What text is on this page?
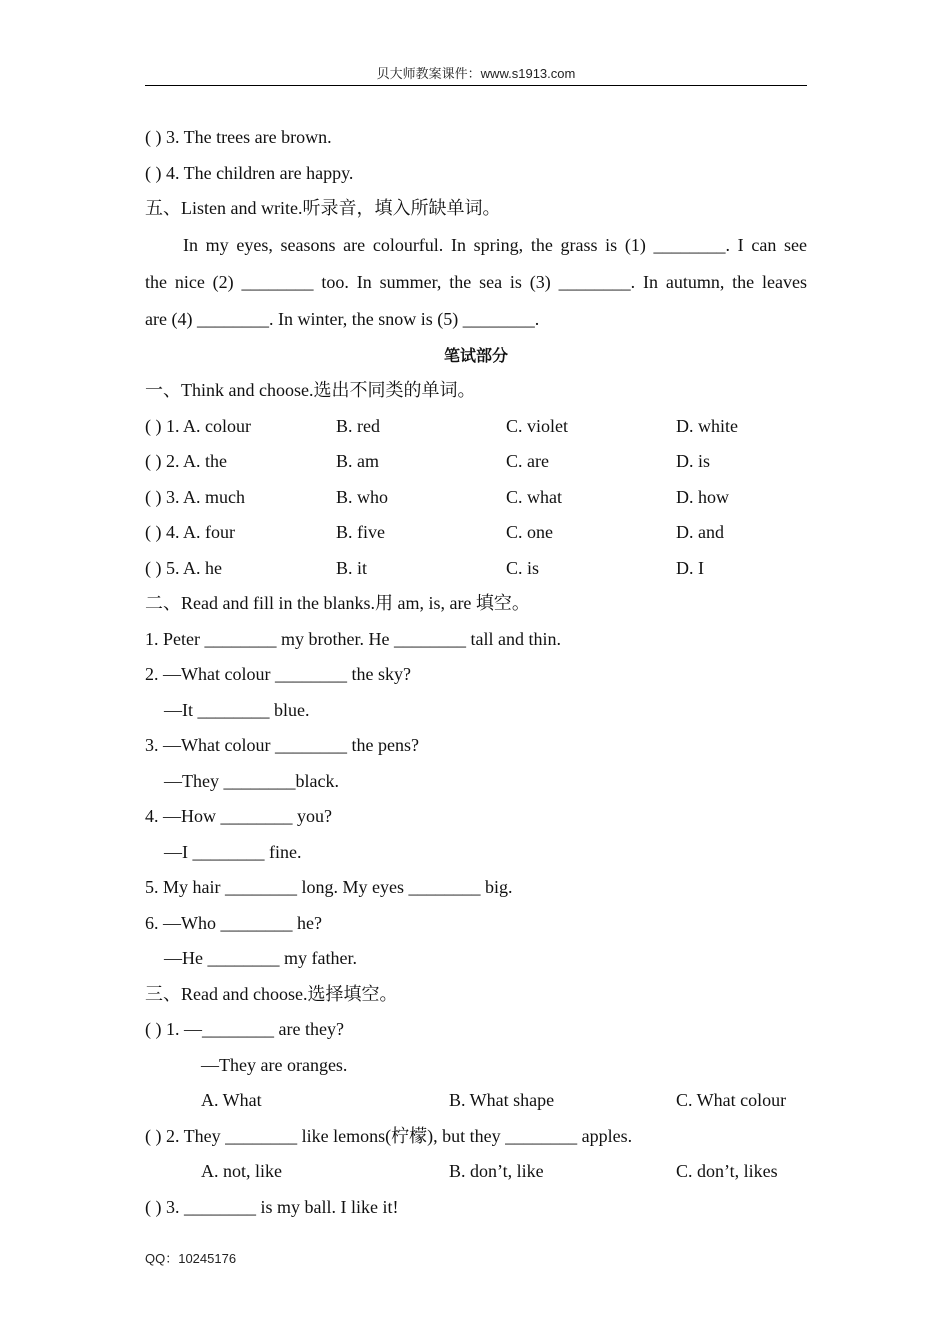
贝大师教案课件：www.s1913.com
( ) 3. The trees are brown.
( ) 4. The children are happy.
五、Listen and write.听录音，填入所缺单词。
In my eyes, seasons are colourful. In spring, the grass is (1) ________. I can see
the nice (2) ________ too. In summer, the sea is (3) ________. In autumn, the leaves
are (4) ________. In winter, the snow is (5) ________.
笔试部分
一、Think and choose.选出不同类的单词。
( ) 1. A. colour	B. red	C. violet	D. white
( ) 2. A. the	B. am	C. are	D. is
( ) 3. A. much	B. who	C. what	D. how
( ) 4. A. four	B. five	C. one	D. and
( ) 5. A. he	B. it	C. is	D. I
二、Read and fill in the blanks.用 am, is, are 填空。
1. Peter ________ my brother. He ________ tall and thin.
2. —What colour ________ the sky?
—It ________ blue.
3. —What colour ________ the pens?
—They ________black.
4. —How ________ you?
—I ________ fine.
5. My hair ________ long. My eyes ________ big.
6. —Who ________ he?
—He ________ my father.
三、Read and choose.选择填空。
( ) 1. —________ are they?
—They are oranges.
A. What	B. What shape	C. What colour
( ) 2. They ________ like lemons(柠檬), but they ________ apples.
A. not, like	B. don’t, like	C. don’t, likes
( ) 3. ________ is my ball. I like it!
QQ：10245176
